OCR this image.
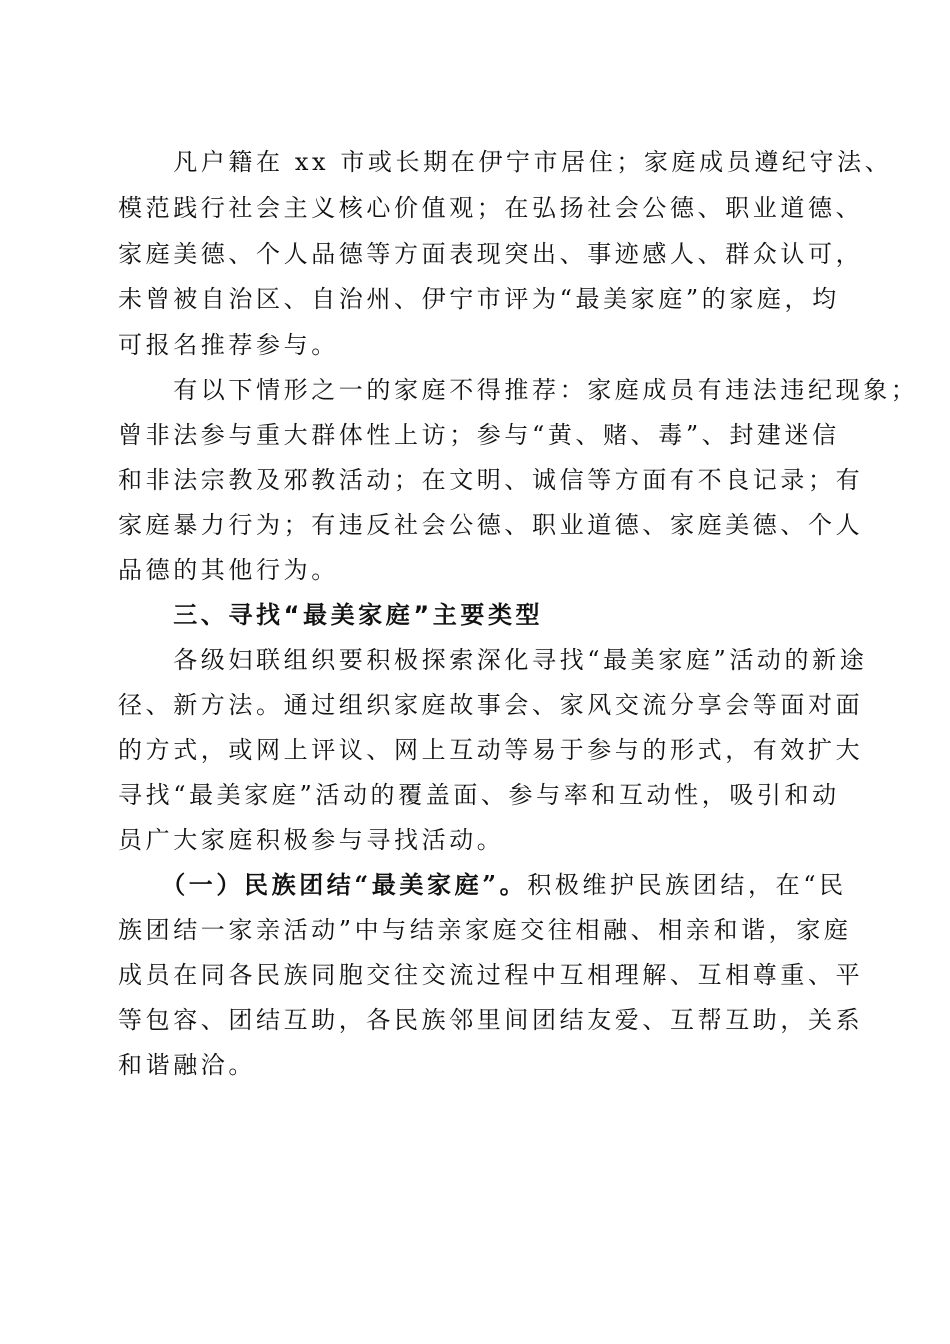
　　凡户籍在 xx 市或长期在伊宁市居住；家庭成员遵纪守法、
模范践行社会主义核心价值观；在弘扬社会公德、职业道德、
家庭美德、个人品德等方面表现突出、事迹感人、群众认可，
未曾被自治区、自治州、伊宁市评为“最美家庭”的家庭，均
可报名推荐参与。
　　有以下情形之一的家庭不得推荐：家庭成员有违法违纪现象；
曾非法参与重大群体性上访；参与“黄、赌、毒”、封建迷信
和非法宗教及邪教活动；在文明、诚信等方面有不良记录；有
家庭暴力行为；有违反社会公德、职业道德、家庭美德、个人
品德的其他行为。
　　三、寻找“最美家庭”主要类型
　　各级妇联组织要积极探索深化寻找“最美家庭”活动的新途
径、新方法。通过组织家庭故事会、家风交流分享会等面对面
的方式，或网上评议、网上互动等易于参与的形式，有效扩大
寻找“最美家庭”活动的覆盖面、参与率和互动性，吸引和动
员广大家庭积极参与寻找活动。
　　（一）民族团结“最美家庭”。积极维护民族团结，在“民
族团结一家亲活动”中与结亲家庭交往相融、相亲和谐，家庭
成员在同各民族同胞交往交流过程中互相理解、互相尊重、平
等包容、团结互助，各民族邻里间团结友爱、互帮互助，关系
和谐融洽。
